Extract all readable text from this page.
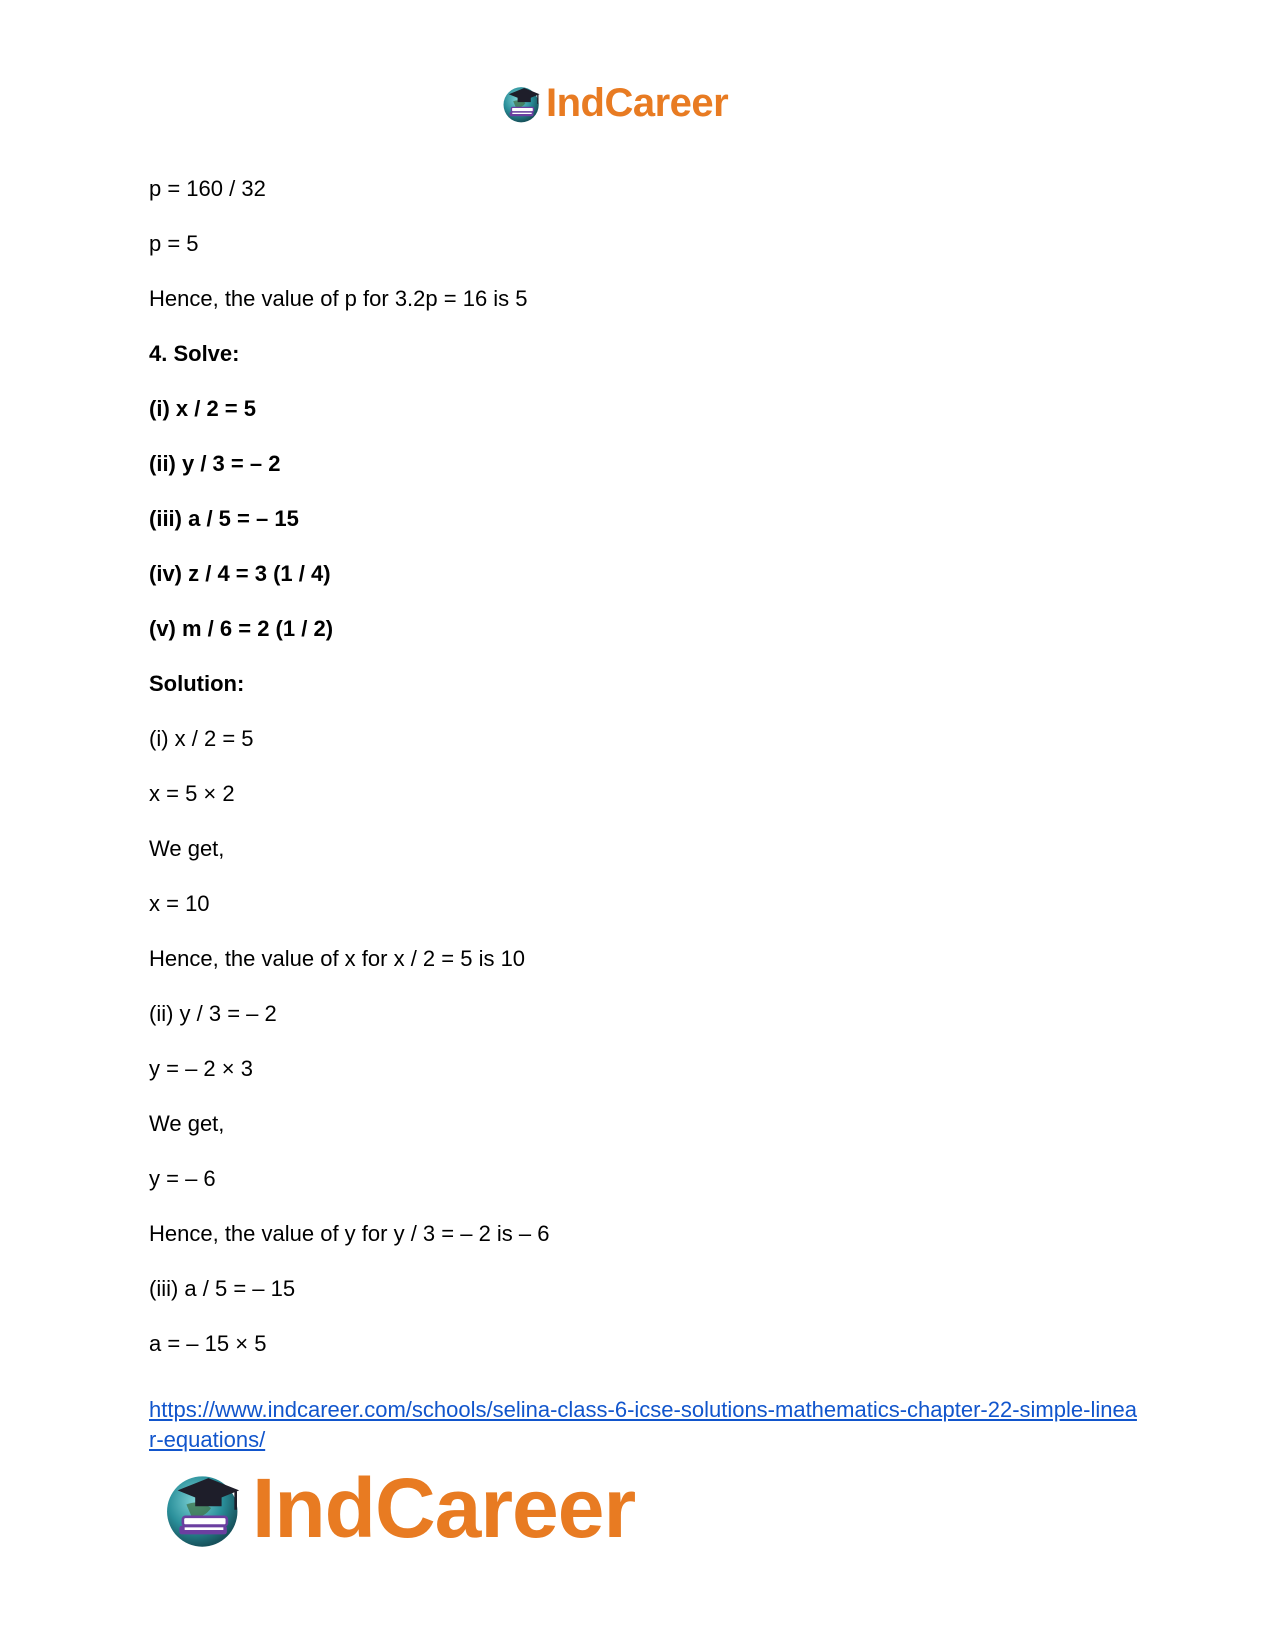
IndCareer
p = 160 / 32
p = 5
Hence, the value of p for 3.2p = 16 is 5
4. Solve:
(i) x / 2 = 5
(ii) y / 3 = – 2
(iii) a / 5 = – 15
(iv) z / 4 = 3 (1 / 4)
(v) m / 6 = 2 (1 / 2)
Solution:
(i) x / 2 = 5
x = 5 × 2
We get,
x = 10
Hence, the value of x for x / 2 = 5 is 10
(ii) y / 3 = – 2
y = – 2 × 3
We get,
y = – 6
Hence, the value of y for y / 3 = – 2 is – 6
(iii) a / 5 = – 15
a = – 15 × 5
https://www.indcareer.com/schools/selina-class-6-icse-solutions-mathematics-chapter-22-simple-linear-equations/
IndCareer
